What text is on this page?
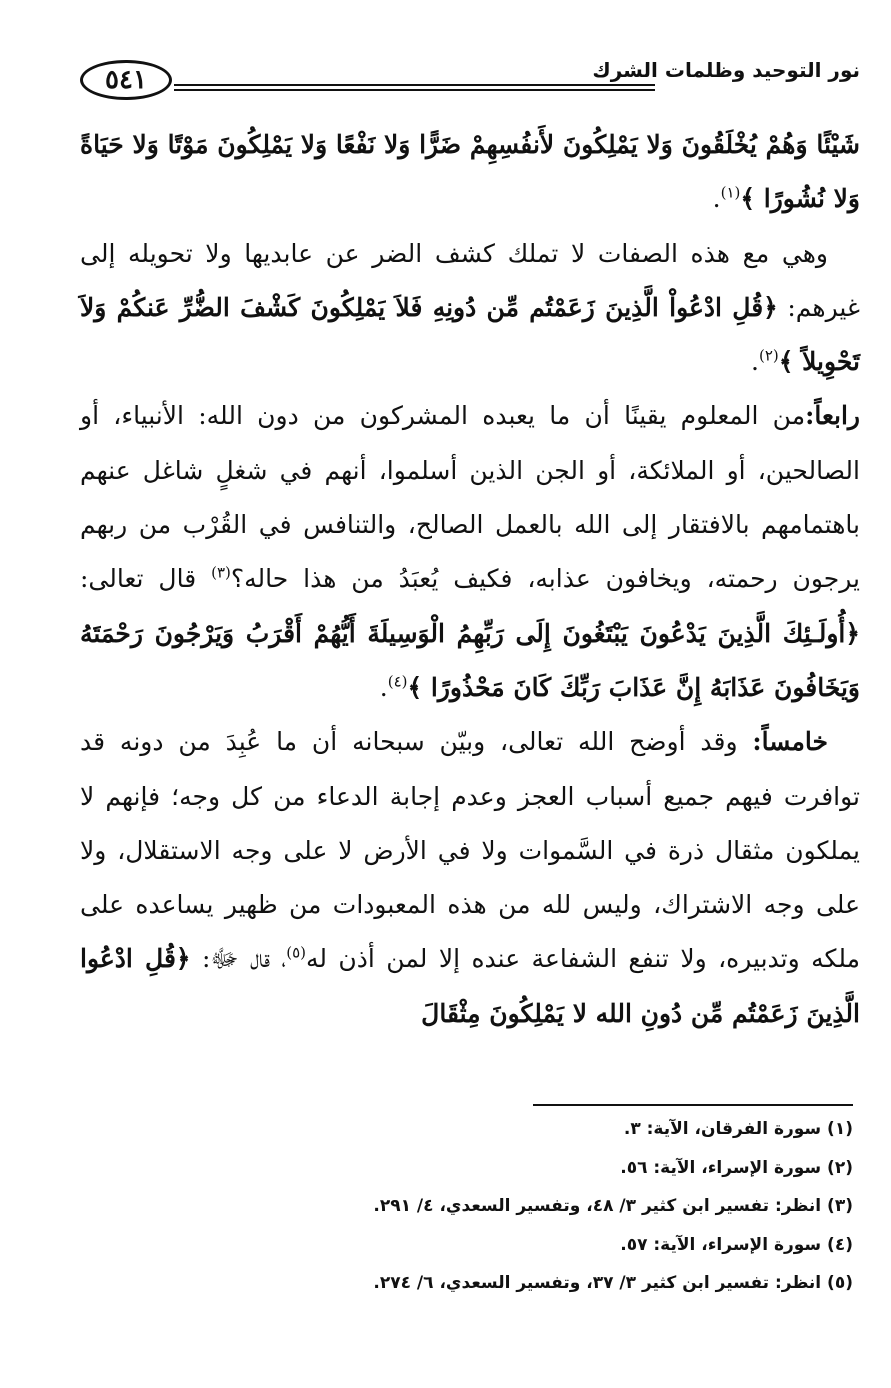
٥٤١	نور التوحيد وظلمات الشرك

شَيْئًا وَهُمْ يُخْلَقُونَ وَلا يَمْلِكُونَ لأَنفُسِهِمْ ضَرًّا وَلا نَفْعًا وَلا يَمْلِكُونَ مَوْتًا وَلا حَيَاةً وَلا نُشُورًا ﴾$^{(١)}$.

وهي مع هذه الصفات لا تملك كشف الضر عن عابديها ولا تحويله إلى غيرهم: ﴿قُلِ ادْعُواْ الَّذِينَ زَعَمْتُم مِّن دُونِهِ فَلاَ يَمْلِكُونَ كَشْفَ الضُّرِّ عَنكُمْ وَلاَ تَحْوِيلاً ﴾$^{(٢)}$.

رابعاً:من المعلوم يقينًا أن ما يعبده المشركون من دون الله: الأنبياء، أو الصالحين، أو الملائكة، أو الجن الذين أسلموا، أنهم في شغلٍ شاغل عنهم باهتمامهم بالافتقار إلى الله بالعمل الصالح، والتنافس في القُرْب من ربهم يرجون رحمته، ويخافون عذابه، فكيف يُعبَدُ من هذا حاله؟$^{(٣)}$ قال تعالى: ﴿أُولَـئِكَ الَّذِينَ يَدْعُونَ يَبْتَغُونَ إِلَى رَبِّهِمُ الْوَسِيلَةَ أَيُّهُمْ أَقْرَبُ وَيَرْجُونَ رَحْمَتَهُ وَيَخَافُونَ عَذَابَهُ إِنَّ عَذَابَ رَبِّكَ كَانَ مَحْذُورًا ﴾$^{(٤)}$.

خامساً: وقد أوضح الله تعالى، وبيّن سبحانه أن ما عُبِدَ من دونه قد توافرت فيهم جميع أسباب العجز وعدم إجابة الدعاء من كل وجه؛ فإنهم لا يملكون مثقال ذرة في السَّموات ولا في الأرض لا على وجه الاستقلال، ولا على وجه الاشتراك، وليس لله من هذه المعبودات من ظهير يساعده على ملكه وتدبيره، ولا تنفع الشفاعة عنده إلا لمن أذن له$^{(٥)}$، قال ﷻ: ﴿قُلِ ادْعُوا الَّذِينَ زَعَمْتُم مِّن دُونِ الله لا يَمْلِكُونَ مِثْقَالَ

(١) سورة الفرقان، الآية: ٣.
(٢) سورة الإسراء، الآية: ٥٦.
(٣) انظر: تفسير ابن كثير ٣/ ٤٨، وتفسير السعدي، ٤/ ٢٩١.
(٤) سورة الإسراء، الآية: ٥٧.
(٥) انظر: تفسير ابن كثير ٣/ ٣٧، وتفسير السعدي، ٦/ ٢٧٤.
